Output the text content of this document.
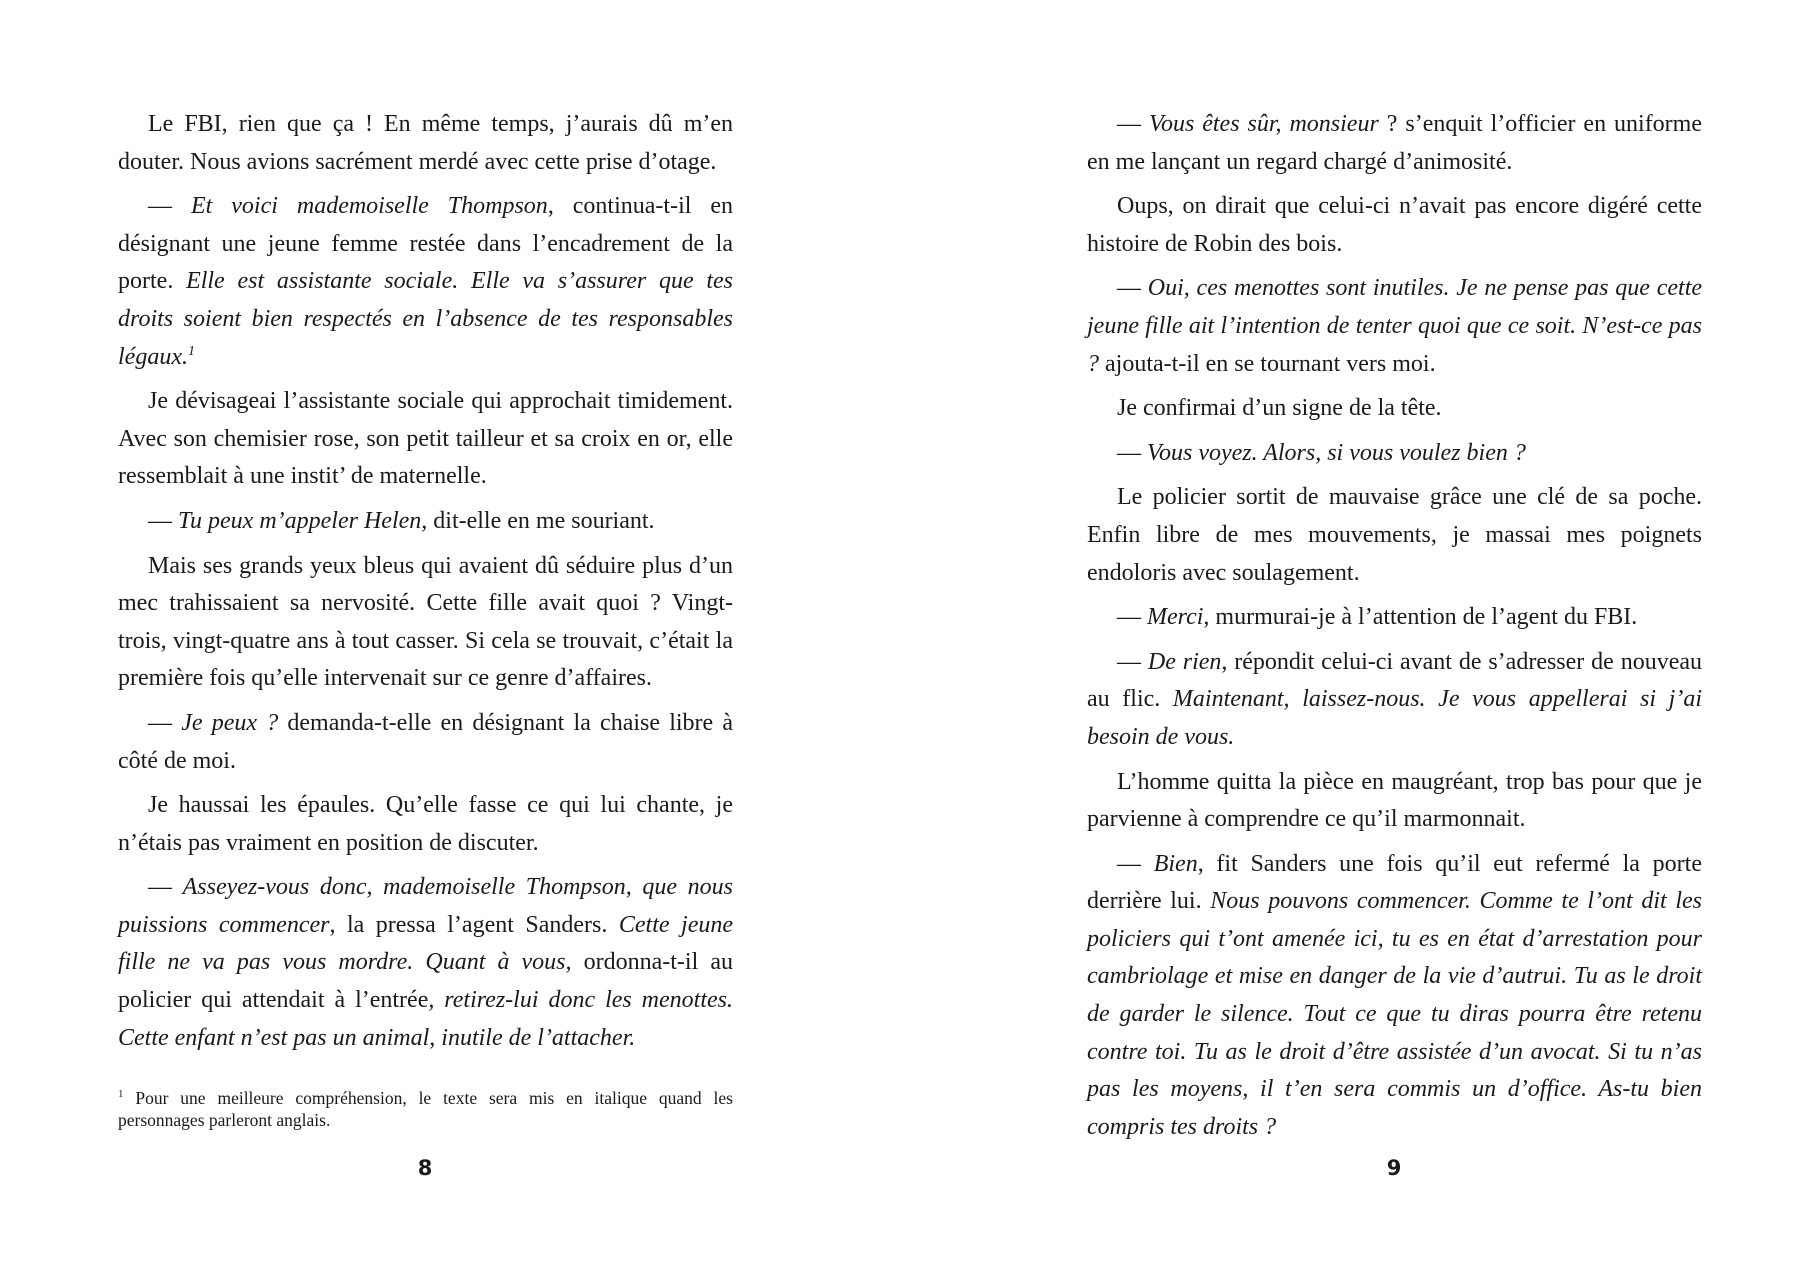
Le FBI, rien que ça ! En même temps, j’aurais dû m’en douter. Nous avions sacrément merdé avec cette prise d’otage.

— Et voici mademoiselle Thompson, continua-t-il en désignant une jeune femme restée dans l’encadrement de la porte. Elle est assistante sociale. Elle va s’assurer que tes droits soient bien respectés en l’absence de tes responsables légaux.$^1$

Je dévisageai l’assistante sociale qui approchait timidement. Avec son chemisier rose, son petit tailleur et sa croix en or, elle ressemblait à une instit’ de maternelle.

— Tu peux m’appeler Helen, dit-elle en me souriant.

Mais ses grands yeux bleus qui avaient dû séduire plus d’un mec trahissaient sa nervosité. Cette fille avait quoi ? Vingt-trois, vingt-quatre ans à tout casser. Si cela se trouvait, c’était la première fois qu’elle intervenait sur ce genre d’affaires.

— Je peux ? demanda-t-elle en désignant la chaise libre à côté de moi.

Je haussai les épaules. Qu’elle fasse ce qui lui chante, je n’étais pas vraiment en position de discuter.

— Asseyez-vous donc, mademoiselle Thompson, que nous puissions commencer, la pressa l’agent Sanders. Cette jeune fille ne va pas vous mordre. Quant à vous, ordonna-t-il au policier qui attendait à l’entrée, retirez-lui donc les menottes. Cette enfant n’est pas un animal, inutile de l’attacher.

$^1$ Pour une meilleure compréhension, le texte sera mis en italique quand les personnages parleront anglais.
8

— Vous êtes sûr, monsieur ? s’enquit l’officier en uniforme en me lançant un regard chargé d’animosité.

Oups, on dirait que celui-ci n’avait pas encore digéré cette histoire de Robin des bois.

— Oui, ces menottes sont inutiles. Je ne pense pas que cette jeune fille ait l’intention de tenter quoi que ce soit. N’est-ce pas ? ajouta-t-il en se tournant vers moi.

Je confirmai d’un signe de la tête.

— Vous voyez. Alors, si vous voulez bien ?

Le policier sortit de mauvaise grâce une clé de sa poche. Enfin libre de mes mouvements, je massai mes poignets endoloris avec soulagement.

— Merci, murmurai-je à l’attention de l’agent du FBI.

— De rien, répondit celui-ci avant de s’adresser de nouveau au flic. Maintenant, laissez-nous. Je vous appellerai si j’ai besoin de vous.

L’homme quitta la pièce en maugréant, trop bas pour que je parvienne à comprendre ce qu’il marmonnait.

— Bien, fit Sanders une fois qu’il eut refermé la porte derrière lui. Nous pouvons commencer. Comme te l’ont dit les policiers qui t’ont amenée ici, tu es en état d’arrestation pour cambriolage et mise en danger de la vie d’autrui. Tu as le droit de garder le silence. Tout ce que tu diras pourra être retenu contre toi. Tu as le droit d’être assistée d’un avocat. Si tu n’as pas les moyens, il t’en sera commis un d’office. As-tu bien compris tes droits ?

9
